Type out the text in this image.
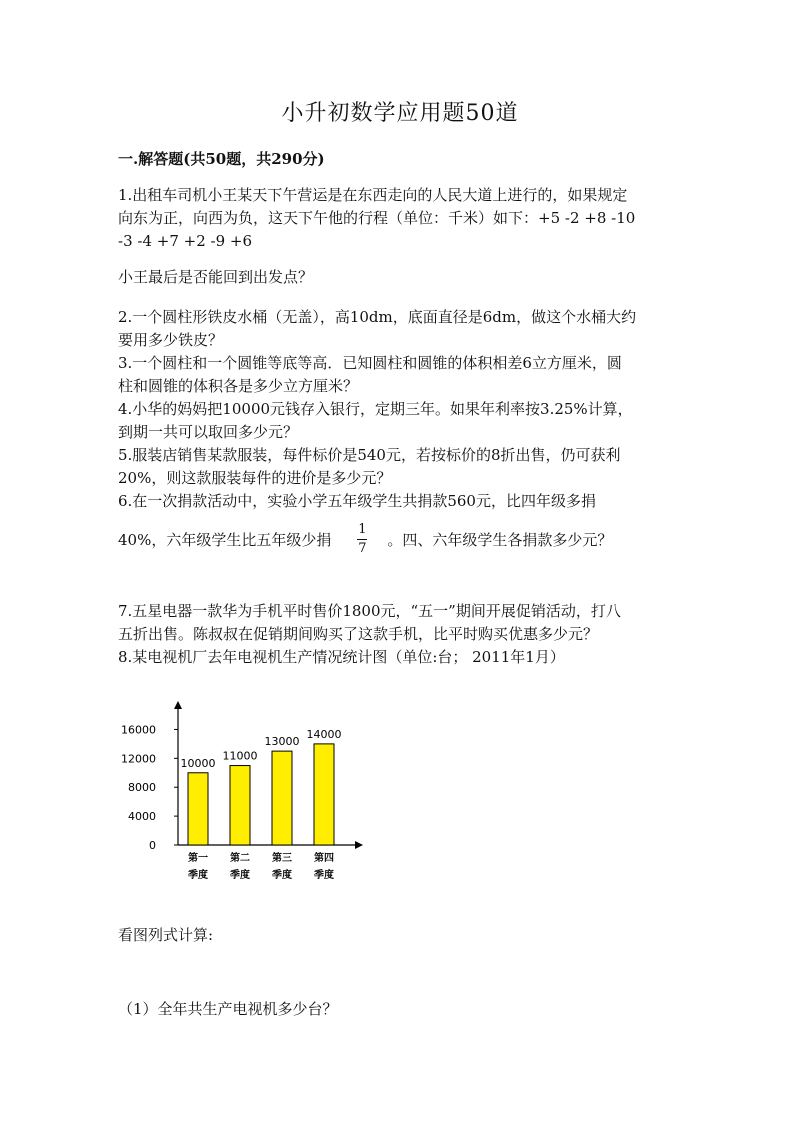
小升初数学应用题50道
一.解答题(共50题，共290分)
1.出租车司机小王某天下午营运是在东西走向的人民大道上进行的，如果规定
向东为正，向西为负，这天下午他的行程（单位：千米）如下：+5 -2 +8 -10
-3 -4 +7 +2 -9 +6
小王最后是否能回到出发点？
2.一个圆柱形铁皮水桶（无盖），高10dm，底面直径是6dm，做这个水桶大约
要用多少铁皮？
3.一个圆柱和一个圆锥等底等高．已知圆柱和圆锥的体积相差6立方厘米，圆
柱和圆锥的体积各是多少立方厘米？
4.小华的妈妈把10000元钱存入银行，定期三年。如果年利率按3.25%计算，
到期一共可以取回多少元？
5.服装店销售某款服装，每件标价是540元，若按标价的8折出售，仍可获利
20%，则这款服装每件的进价是多少元？
6.在一次捐款活动中，实验小学五年级学生共捐款560元，比四年级多捐
40%，六年级学生比五年级少捐 $\frac{1}{7}$ 。四、六年级学生各捐款多少元？
7.五星电器一款华为手机平时售价1800元，“五一”期间开展促销活动，打八
五折出售。陈叔叔在促销期间购买了这款手机，比平时购买优惠多少元？
8.某电视机厂去年电视机生产情况统计图（单位:台； 2011年1月）
0
4000
8000
12000
16000
10000
第一
季度
11000
第二
季度
13000
第三
季度
14000
第四
季度
看图列式计算:
（1）全年共生产电视机多少台？
